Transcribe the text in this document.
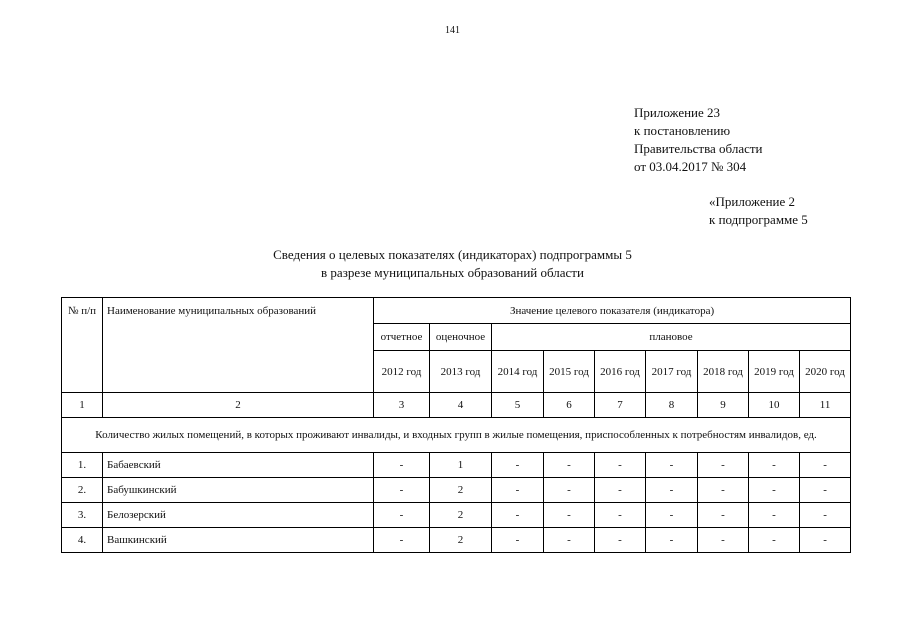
141
Приложение 23
к постановлению
Правительства области
от 03.04.2017 № 304
«Приложение 2
к подпрограмме 5
Сведения о целевых показателях (индикаторах) подпрограммы 5
в разрезе муниципальных образований области
№ п/п	Наименование муниципальных образований	Значение целевого показателя (индикатора)								
		отчетное	оценочное	плановое						
		2012 год	2013 год	2014 год	2015 год	2016 год	2017 год	2018 год	2019 год	2020 год
1	2	3	4	5	6	7	8	9	10	11
Количество жилых помещений, в которых проживают инвалиды, и входных групп в жилые помещения, приспособленных к потребностям инвалидов, ед.										
1.	Бабаевский	-	1	-	-	-	-	-	-	-
2.	Бабушкинский	-	2	-	-	-	-	-	-	-
3.	Белозерский	-	2	-	-	-	-	-	-	-
4.	Вашкинский	-	2	-	-	-	-	-	-	-
